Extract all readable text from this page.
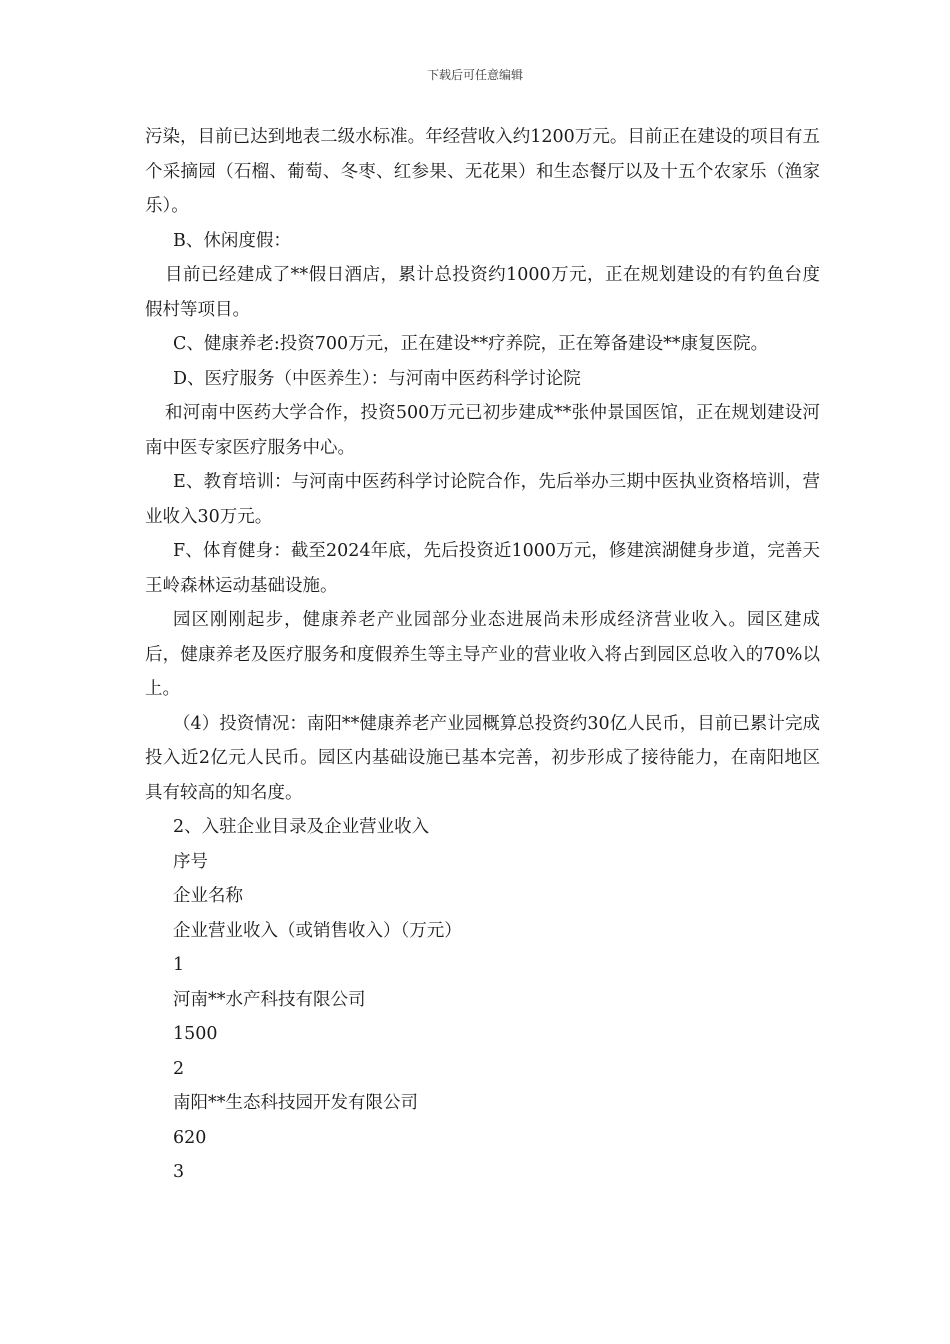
下载后可任意编辑

污染，目前已达到地表二级水标准。年经营收入约1200万元。目前正在建设的项目有五个采摘园（石榴、葡萄、冬枣、红参果、无花果）和生态餐厅以及十五个农家乐（渔家乐）。

B、休闲度假：

目前已经建成了**假日酒店，累计总投资约1000万元，正在规划建设的有钓鱼台度假村等项目。

C、健康养老:投资700万元，正在建设**疗养院，正在筹备建设**康复医院。

D、医疗服务（中医养生）：与河南中医药科学讨论院

和河南中医药大学合作，投资500万元已初步建成**张仲景国医馆，正在规划建设河南中医专家医疗服务中心。

E、教育培训：与河南中医药科学讨论院合作，先后举办三期中医执业资格培训，营业收入30万元。

F、体育健身：截至2024年底，先后投资近1000万元，修建滨湖健身步道，完善天王岭森林运动基础设施。

园区刚刚起步，健康养老产业园部分业态进展尚未形成经济营业收入。园区建成后，健康养老及医疗服务和度假养生等主导产业的营业收入将占到园区总收入的70%以上。

（4）投资情况：南阳**健康养老产业园概算总投资约30亿人民币，目前已累计完成投入近2亿元人民币。园区内基础设施已基本完善，初步形成了接待能力，在南阳地区具有较高的知名度。

2、入驻企业目录及企业营业收入

序号

企业名称

企业营业收入（或销售收入）（万元）

1

河南**水产科技有限公司

1500

2

南阳**生态科技园开发有限公司

620

3
